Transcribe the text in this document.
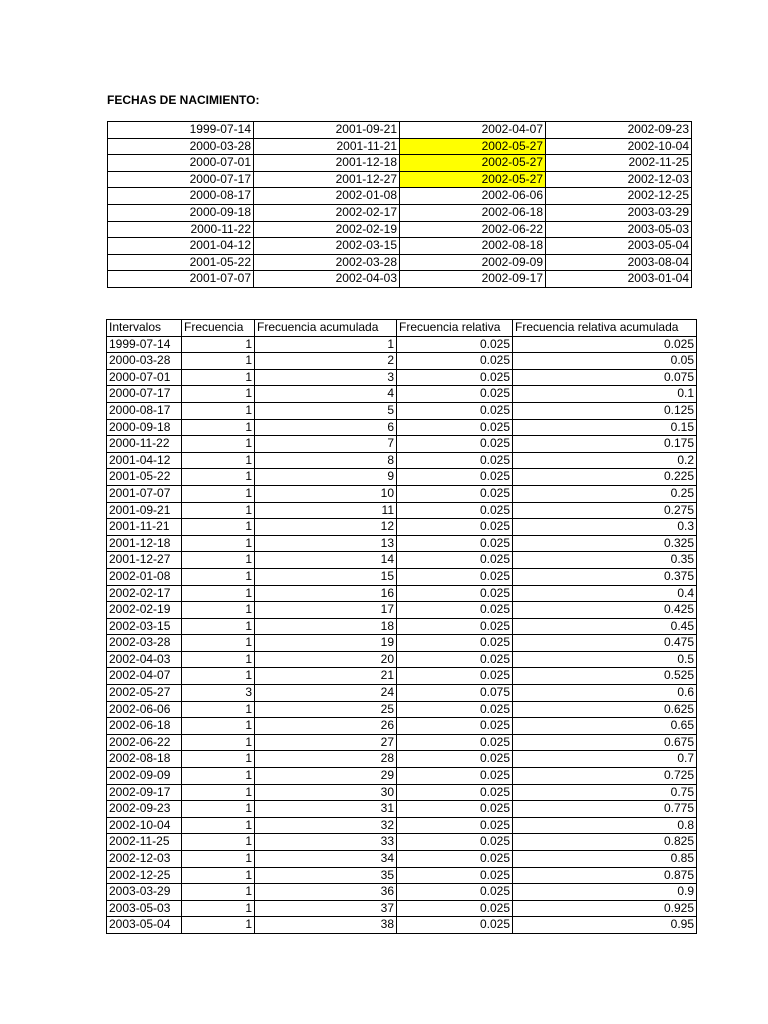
FECHAS DE NACIMIENTO:
1999-07-14	2001-09-21	2002-04-07	2002-09-23
2000-03-28	2001-11-21	2002-05-27	2002-10-04
2000-07-01	2001-12-18	2002-05-27	2002-11-25
2000-07-17	2001-12-27	2002-05-27	2002-12-03
2000-08-17	2002-01-08	2002-06-06	2002-12-25
2000-09-18	2002-02-17	2002-06-18	2003-03-29
2000-11-22	2002-02-19	2002-06-22	2003-05-03
2001-04-12	2002-03-15	2002-08-18	2003-05-04
2001-05-22	2002-03-28	2002-09-09	2003-08-04
2001-07-07	2002-04-03	2002-09-17	2003-01-04
Intervalos	Frecuencia	Frecuencia acumulada	Frecuencia relativa	Frecuencia relativa acumulada
1999-07-14	1	1	0.025	0.025
2000-03-28	1	2	0.025	0.05
2000-07-01	1	3	0.025	0.075
2000-07-17	1	4	0.025	0.1
2000-08-17	1	5	0.025	0.125
2000-09-18	1	6	0.025	0.15
2000-11-22	1	7	0.025	0.175
2001-04-12	1	8	0.025	0.2
2001-05-22	1	9	0.025	0.225
2001-07-07	1	10	0.025	0.25
2001-09-21	1	11	0.025	0.275
2001-11-21	1	12	0.025	0.3
2001-12-18	1	13	0.025	0.325
2001-12-27	1	14	0.025	0.35
2002-01-08	1	15	0.025	0.375
2002-02-17	1	16	0.025	0.4
2002-02-19	1	17	0.025	0.425
2002-03-15	1	18	0.025	0.45
2002-03-28	1	19	0.025	0.475
2002-04-03	1	20	0.025	0.5
2002-04-07	1	21	0.025	0.525
2002-05-27	3	24	0.075	0.6
2002-06-06	1	25	0.025	0.625
2002-06-18	1	26	0.025	0.65
2002-06-22	1	27	0.025	0.675
2002-08-18	1	28	0.025	0.7
2002-09-09	1	29	0.025	0.725
2002-09-17	1	30	0.025	0.75
2002-09-23	1	31	0.025	0.775
2002-10-04	1	32	0.025	0.8
2002-11-25	1	33	0.025	0.825
2002-12-03	1	34	0.025	0.85
2002-12-25	1	35	0.025	0.875
2003-03-29	1	36	0.025	0.9
2003-05-03	1	37	0.025	0.925
2003-05-04	1	38	0.025	0.95
